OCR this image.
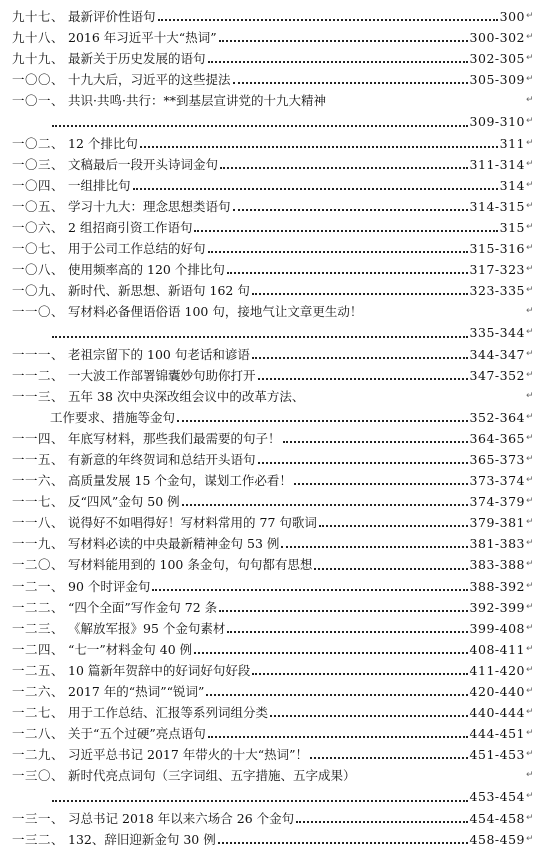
九十七、 最新评价性语句	300 ↵
九十八、 2016 年习近平十大“热词”	300-302 ↵
九十九、 最新关于历史发展的语句	302-305 ↵
一〇〇、 十九大后，习近平的这些提法	305-309 ↵
一〇一、 共识·共鸣·共行：**到基层宣讲党的十九大精神	↵
309-310 ↵
一〇二、 12 个排比句	311 ↵
一〇三、 文稿最后一段开头诗词金句	311-314 ↵
一〇四、 一组排比句	314 ↵
一〇五、 学习十九大：理念思想类语句	314-315 ↵
一〇六、 2 组招商引资工作语句	315 ↵
一〇七、 用于公司工作总结的好句	315-316 ↵
一〇八、 使用频率高的 120 个排比句	317-323 ↵
一〇九、 新时代、新思想、新语句 162 句	323-335 ↵
一一〇、 写材料必备俚语俗语 100 句，接地气让文章更生动！	↵
335-344 ↵
一一一、 老祖宗留下的 100 句老话和谚语	344-347 ↵
一一二、 一大波工作部署锦囊妙句助你打开	347-352 ↵
一一三、 五年 38 次中央深改组会议中的改革方法、	↵
工作要求、措施等金句	352-364 ↵
一一四、 年底写材料，那些我们最需要的句子！	364-365 ↵
一一五、 有新意的年终贺词和总结开头语句	365-373 ↵
一一六、 高质量发展 15 个金句，谋划工作必看！	373-374 ↵
一一七、 反“四风”金句 50 例	374-379 ↵
一一八、 说得好不如唱得好！写材料常用的 77 句歌词	379-381 ↵
一一九、 写材料必读的中央最新精神金句 53 例	381-383 ↵
一二〇、 写材料能用到的 100 条金句，句句都有思想	383-388 ↵
一二一、 90 个时评金句	388-392 ↵
一二二、 “四个全面”写作金句 72 条	392-399 ↵
一二三、 《解放军报》95 个金句素材	399-408 ↵
一二四、 “七一”材料金句 40 例	408-411 ↵
一二五、 10 篇新年贺辞中的好词好句好段	411-420 ↵
一二六、 2017 年的“热词”“锐词”	420-440 ↵
一二七、 用于工作总结、汇报等系列词组分类	440-444 ↵
一二八、 关于“五个过硬”亮点语句	444-451 ↵
一二九、 习近平总书记 2017 年带火的十大“热词”！	451-453 ↵
一三〇、 新时代亮点词句（三字词组、五字措施、五字成果）	↵
453-454 ↵
一三一、 习总书记 2018 年以来六场合 26 个金句	454-458 ↵
一三二、 132、辞旧迎新金句 30 例	458-459 ↵
